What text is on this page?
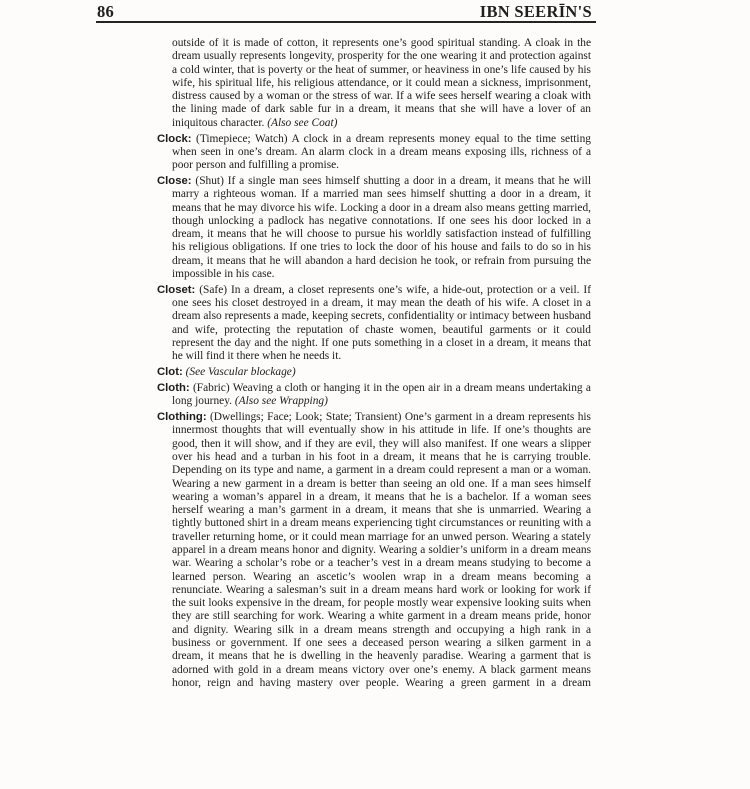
86	IBN SEERĪN'S

outside of it is made of cotton, it represents one’s good spiritual standing. A cloak in the dream usually represents longevity, prosperity for the one wearing it and protection against a cold winter, that is poverty or the heat of summer, or heaviness in one’s life caused by his wife, his spiritual life, his religious attendance, or it could mean a sickness, imprisonment, distress caused by a woman or the stress of war. If a wife sees herself wearing a cloak with the lining made of dark sable fur in a dream, it means that she will have a lover of an iniquitous character. (Also see Coat)

Clock: (Timepiece; Watch) A clock in a dream represents money equal to the time setting when seen in one’s dream. An alarm clock in a dream means exposing ills, richness of a poor person and fulfilling a promise.

Close: (Shut) If a single man sees himself shutting a door in a dream, it means that he will marry a righteous woman. If a married man sees himself shutting a door in a dream, it means that he may divorce his wife. Locking a door in a dream also means getting married, though unlocking a padlock has negative connotations. If one sees his door locked in a dream, it means that he will choose to pursue his worldly satisfaction instead of fulfilling his religious obligations. If one tries to lock the door of his house and fails to do so in his dream, it means that he will abandon a hard decision he took, or refrain from pursuing the impossible in his case.

Closet: (Safe) In a dream, a closet represents one’s wife, a hide-out, protection or a veil. If one sees his closet destroyed in a dream, it may mean the death of his wife. A closet in a dream also represents a made, keeping secrets, confidentiality or intimacy between husband and wife, protecting the reputation of chaste women, beautiful garments or it could represent the day and the night. If one puts something in a closet in a dream, it means that he will find it there when he needs it.

Clot: (See Vascular blockage)

Cloth: (Fabric) Weaving a cloth or hanging it in the open air in a dream means undertaking a long journey. (Also see Wrapping)

Clothing: (Dwellings; Face; Look; State; Transient) One’s garment in a dream represents his innermost thoughts that will eventually show in his attitude in life. If one’s thoughts are good, then it will show, and if they are evil, they will also manifest. If one wears a slipper over his head and a turban in his foot in a dream, it means that he is carrying trouble. Depending on its type and name, a garment in a dream could represent a man or a woman. Wearing a new garment in a dream is better than seeing an old one. If a man sees himself wearing a woman’s apparel in a dream, it means that he is a bachelor. If a woman sees herself wearing a man’s garment in a dream, it means that she is unmarried. Wearing a tightly buttoned shirt in a dream means experiencing tight circumstances or reuniting with a traveller returning home, or it could mean marriage for an unwed person. Wearing a stately apparel in a dream means honor and dignity. Wearing a soldier’s uniform in a dream means war. Wearing a scholar’s robe or a teacher’s vest in a dream means studying to become a learned person. Wearing an ascetic’s woolen wrap in a dream means becoming a renunciate. Wearing a salesman’s suit in a dream means hard work or looking for work if the suit looks expensive in the dream, for people mostly wear expensive looking suits when they are still searching for work. Wearing a white garment in a dream means pride, honor and dignity. Wearing silk in a dream means strength and occupying a high rank in a business or government. If one sees a deceased person wearing a silken garment in a dream, it means that he is dwelling in the heavenly paradise. Wearing a garment that is adorned with gold in a dream means victory over one’s enemy. A black garment means honor, reign and having mastery over people. Wearing a green garment in a dream
